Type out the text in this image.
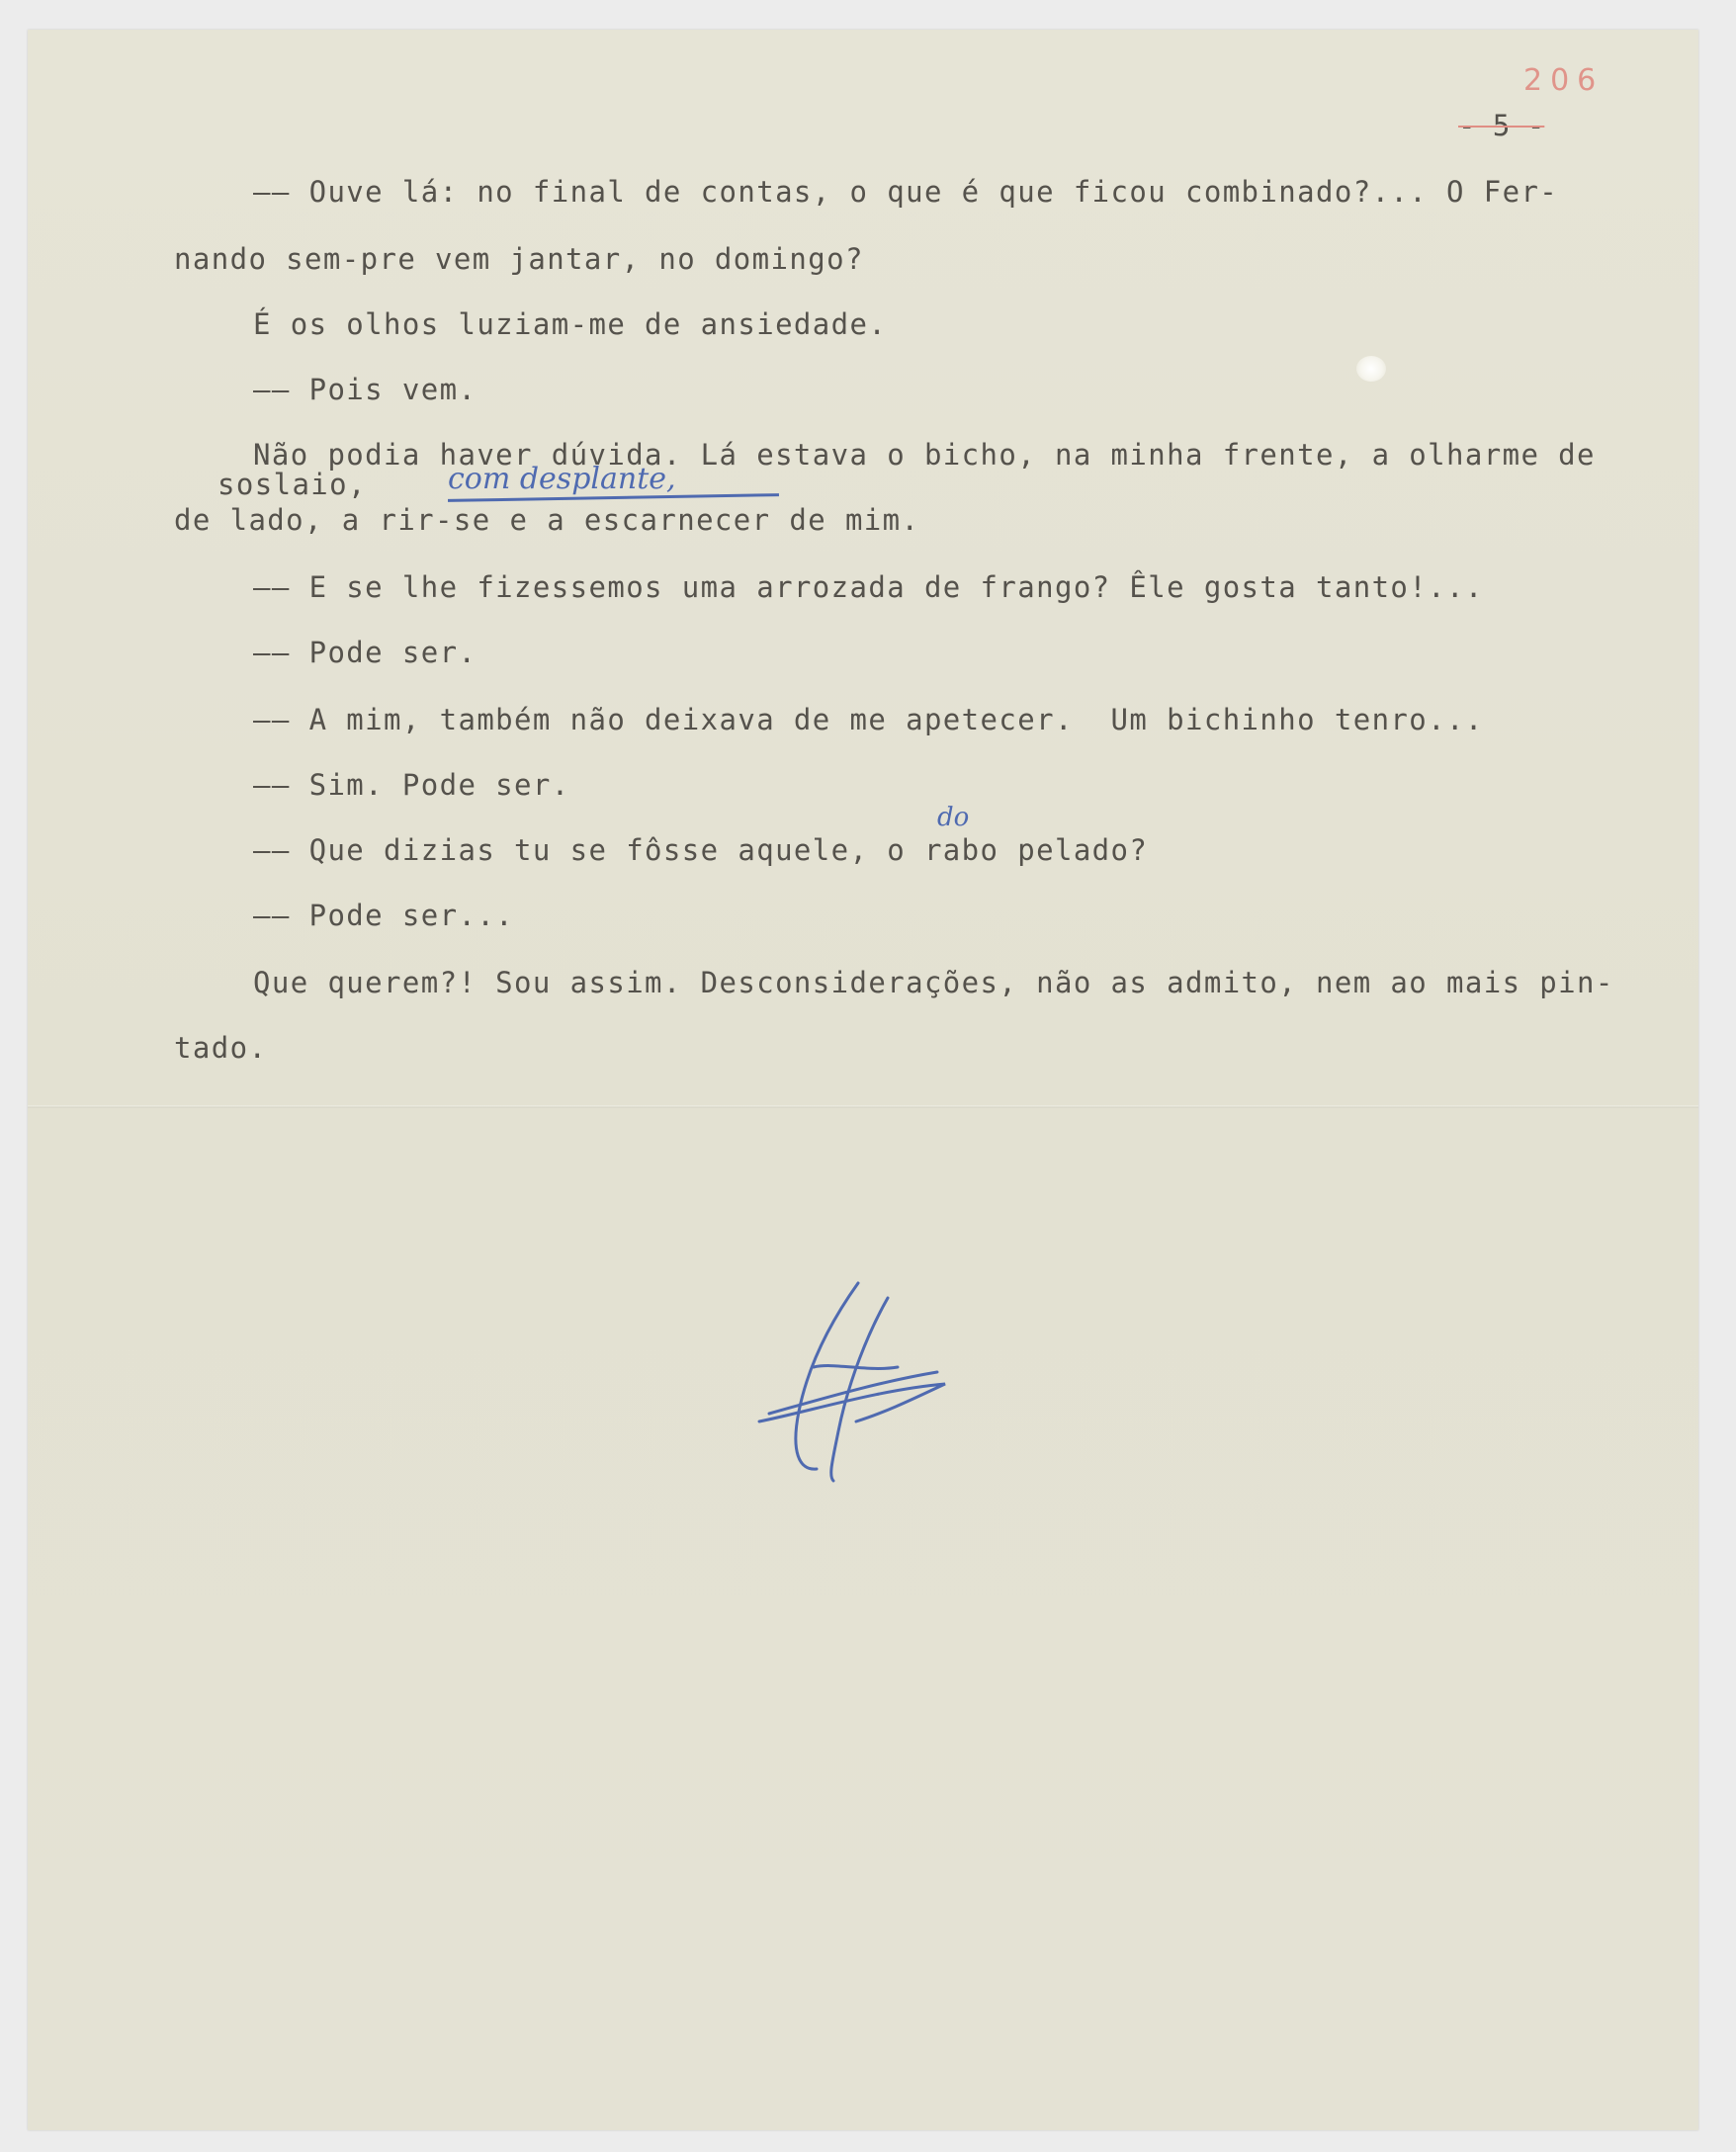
206
- 5 -
–– Ouve lá: no final de contas, o que é que ficou combinado?... O Fer-
nando sem-pre vem jantar, no domingo?
É os olhos luziam-me de ansiedade.
–– Pois vem.
Não podia haver dúvida. Lá estava o bicho, na minha frente, a olharme de
soslaio,
de lado, a rir-se e a escarnecer de mim.
–– E se lhe fizessemos uma arrozada de frango? Êle gosta tanto!...
–– Pode ser.
–– A mim, também não deixava de me apetecer.  Um bichinho tenro...
–– Sim. Pode ser.
–– Que dizias tu se fôsse aquele, o rabo pelado?
–– Pode ser...
Que querem?! Sou assim. Desconsiderações, não as admito, nem ao mais pin-
tado.
com desplante,
do
